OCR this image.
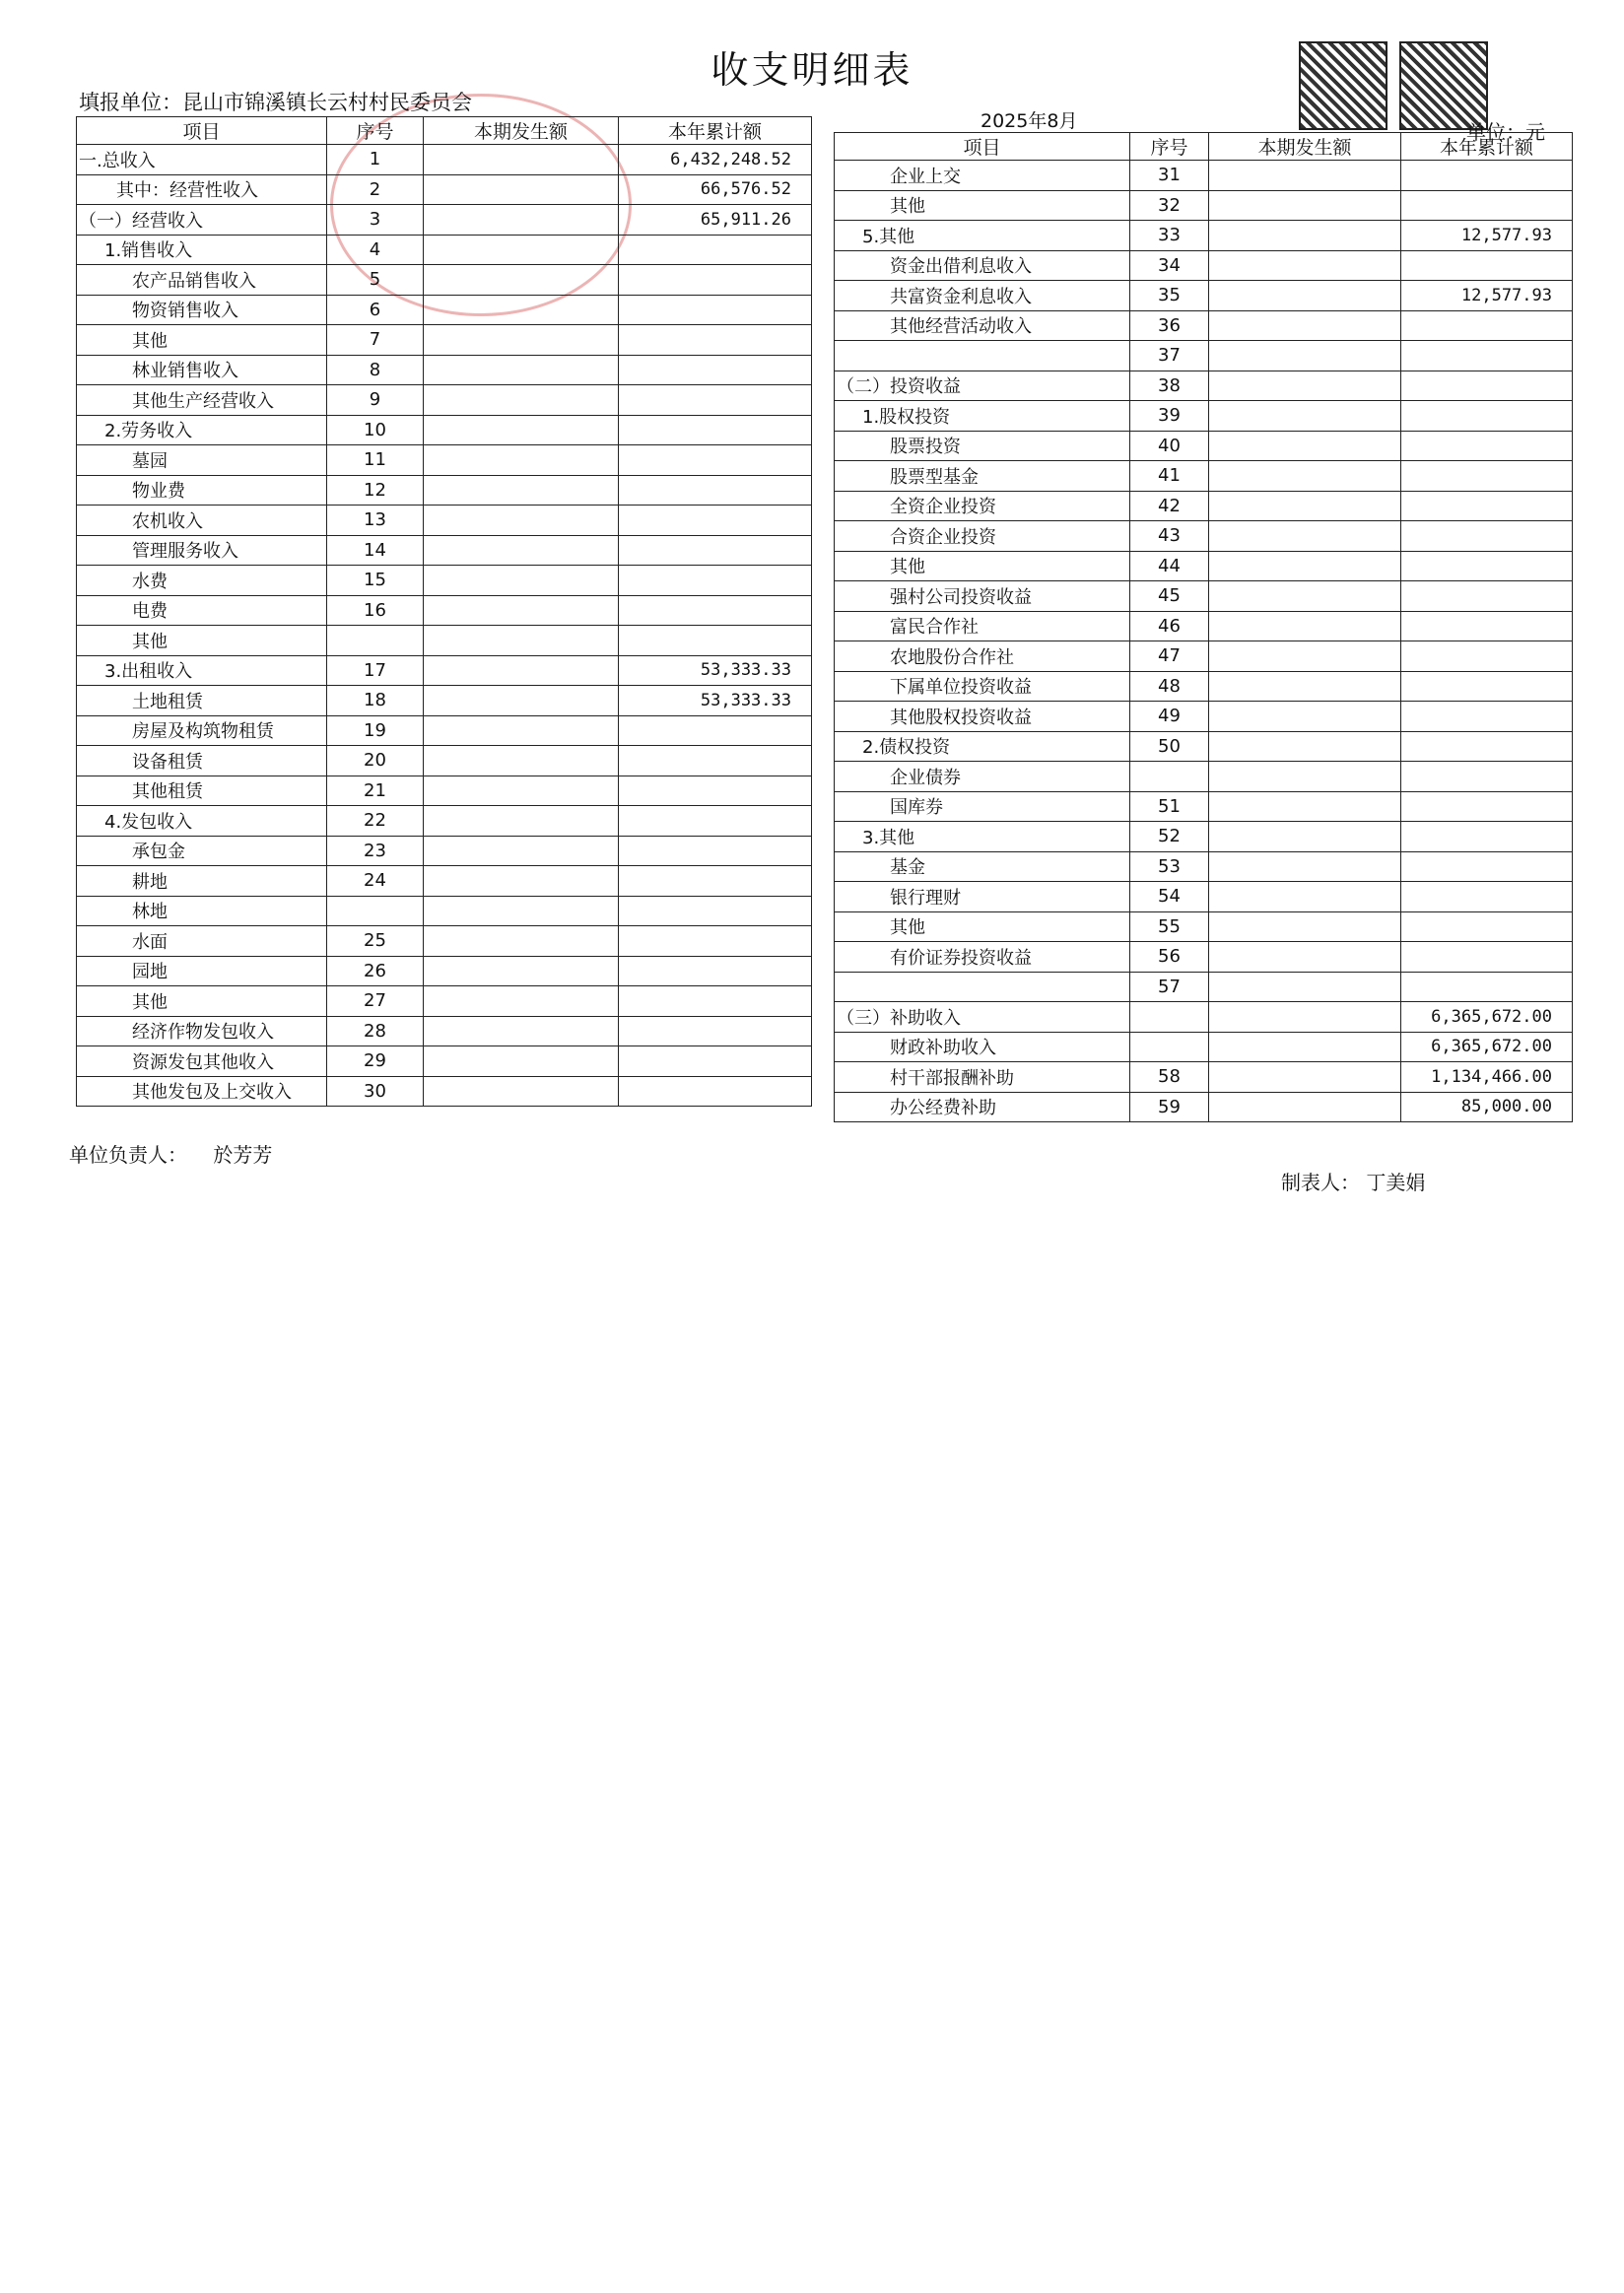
收支明细表
填报单位：昆山市锦溪镇长云村村民委员会
2025年8月	单位：元
项目	序号	本期发生额	本年累计额
一.总收入	1		6,432,248.52
其中：经营性收入	2		66,576.52
（一）经营收入	3		65,911.26
1.销售收入	4		
农产品销售收入	5		
物资销售收入	6		
其他	7		
林业销售收入	8		
其他生产经营收入	9		
2.劳务收入	10		
墓园	11		
物业费	12		
农机收入	13		
管理服务收入	14		
水费	15		
电费	16		
其他			
3.出租收入	17		53,333.33
土地租赁	18		53,333.33
房屋及构筑物租赁	19		
设备租赁	20		
其他租赁	21		
4.发包收入	22		
承包金	23		
耕地	24		
林地			
水面	25		
园地	26		
其他	27		
经济作物发包收入	28		
资源发包其他收入	29		
其他发包及上交收入	30		
项目	序号	本期发生额	本年累计额
企业上交	31		
其他	32		
5.其他	33		12,577.93
资金出借利息收入	34		
共富资金利息收入	35		12,577.93
其他经营活动收入	36		
	37		
（二）投资收益	38		
1.股权投资	39		
股票投资	40		
股票型基金	41		
全资企业投资	42		
合资企业投资	43		
其他	44		
强村公司投资收益	45		
富民合作社	46		
农地股份合作社	47		
下属单位投资收益	48		
其他股权投资收益	49		
2.债权投资	50		
企业债券			
国库券	51		
3.其他	52		
基金	53		
银行理财	54		
其他	55		
有价证券投资收益	56		
	57		
（三）补助收入			6,365,672.00
财政补助收入			6,365,672.00
村干部报酬补助	58		1,134,466.00
办公经费补助	59		85,000.00
单位负责人： 於芳芳
制表人： 丁美娟
